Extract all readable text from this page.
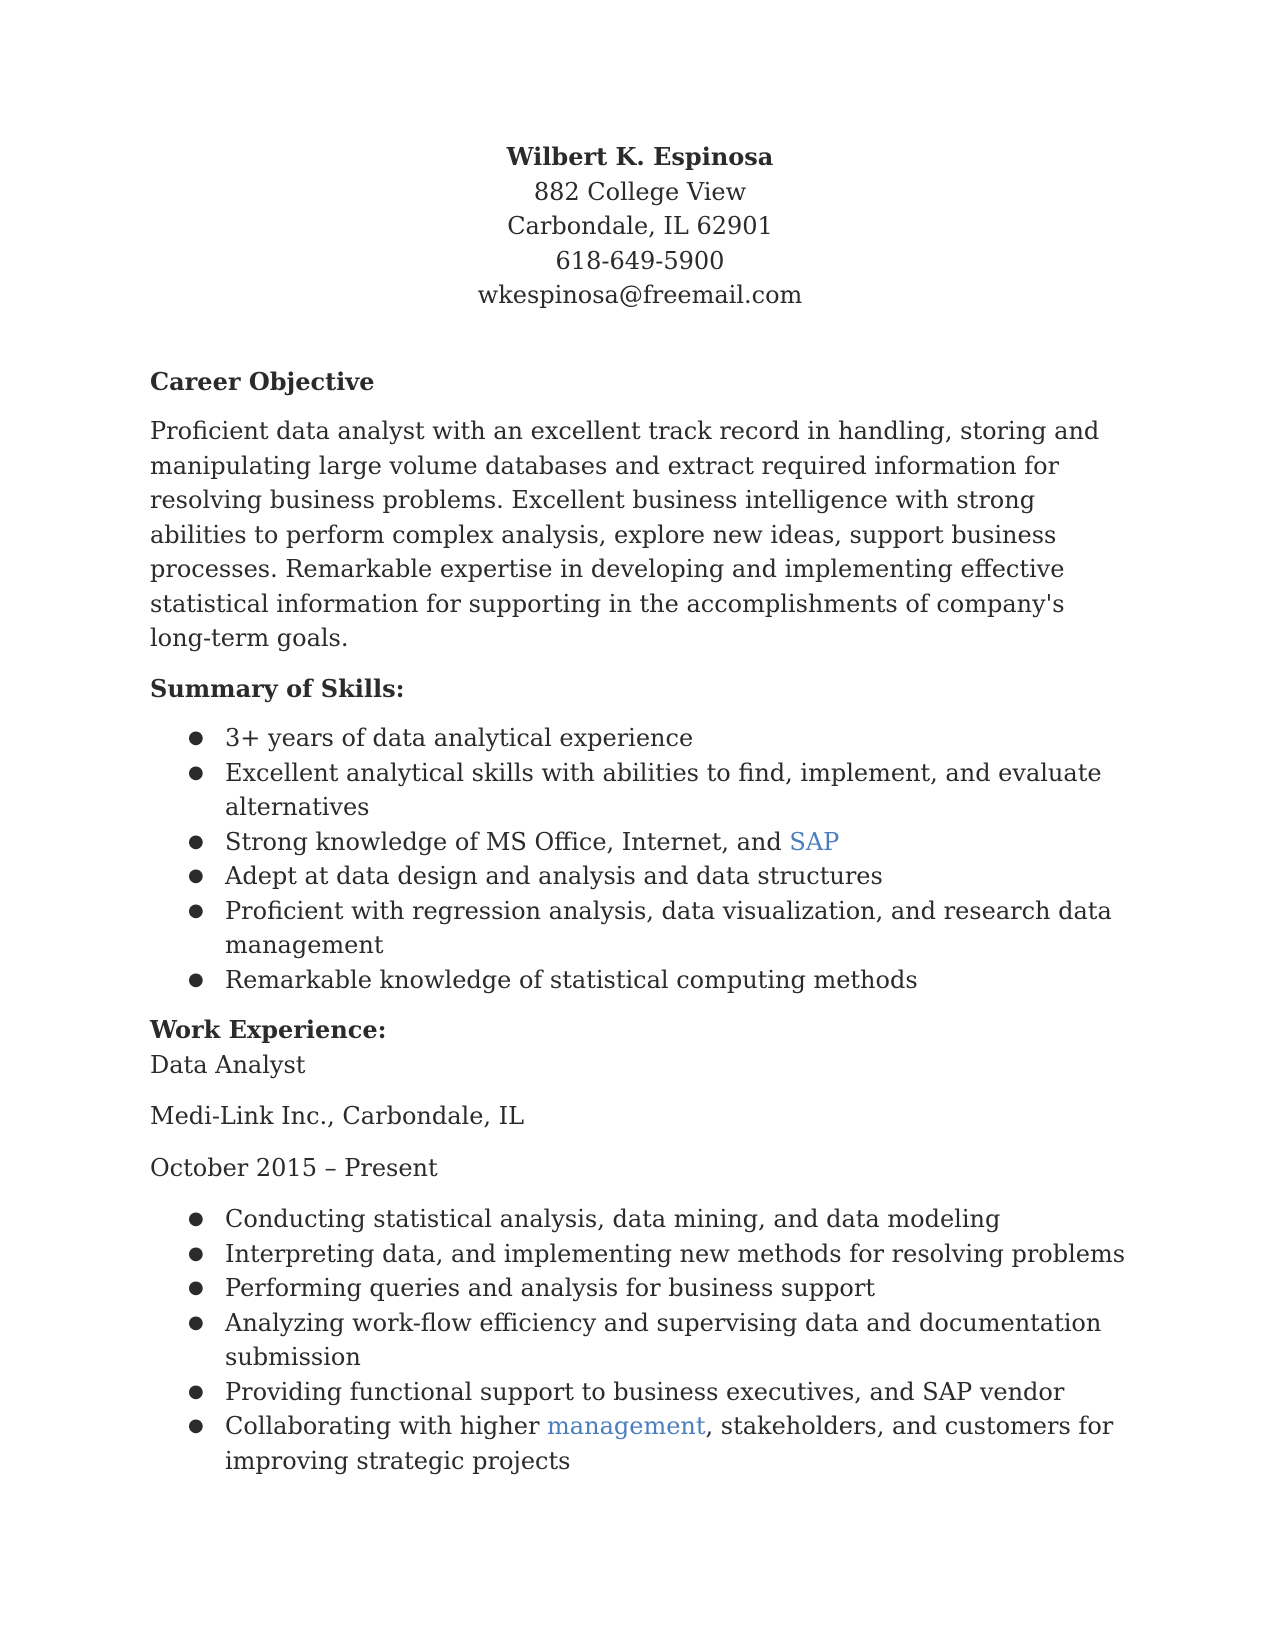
Wilbert K. Espinosa
882 College View
Carbondale, IL 62901
618-649-5900
wkespinosa@freemail.com
Career Objective

Proficient data analyst with an excellent track record in handling, storing and manipulating large volume databases and extract required information for resolving business problems. Excellent business intelligence with strong abilities to perform complex analysis, explore new ideas, support business processes. Remarkable expertise in developing and implementing effective statistical information for supporting in the accomplishments of company's long-term goals.

Summary of Skills:
● 3+ years of data analytical experience
● Excellent analytical skills with abilities to find, implement, and evaluate alternatives
● Strong knowledge of MS Office, Internet, and SAP
● Adept at data design and analysis and data structures
● Proficient with regression analysis, data visualization, and research data management
● Remarkable knowledge of statistical computing methods
Work Experience:

Data Analyst

Medi-Link Inc., Carbondale, IL

October 2015 – Present

● Conducting statistical analysis, data mining, and data modeling
● Interpreting data, and implementing new methods for resolving problems
● Performing queries and analysis for business support
● Analyzing work-flow efficiency and supervising data and documentation submission
● Providing functional support to business executives, and SAP vendor
● Collaborating with higher management, stakeholders, and customers for improving strategic projects
